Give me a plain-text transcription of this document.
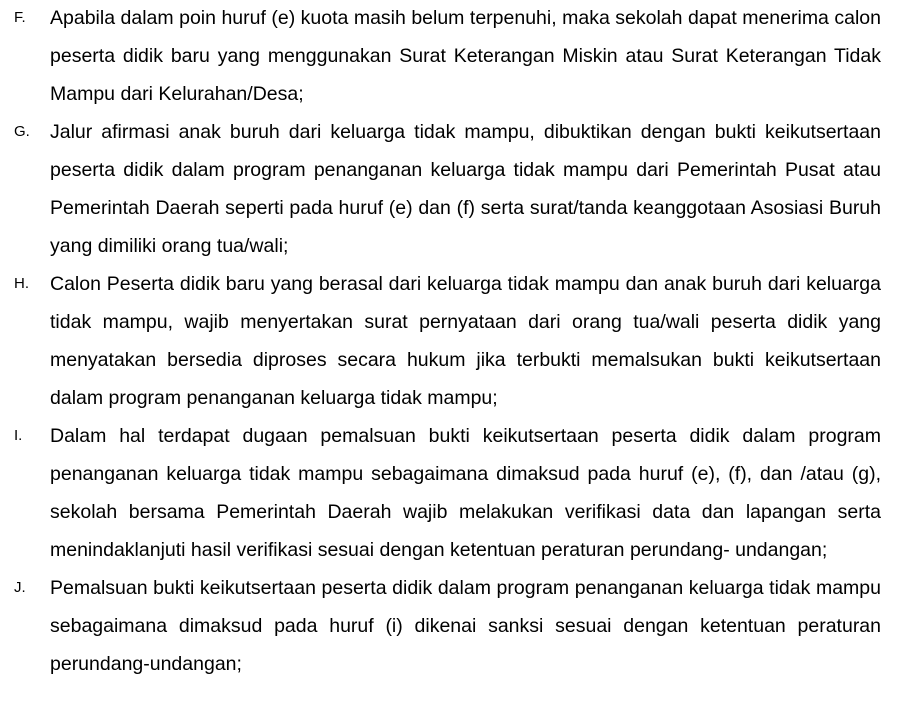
F.	Apabila dalam poin huruf (e) kuota masih belum terpenuhi, maka sekolah dapat menerima calon peserta didik baru yang menggunakan Surat Keterangan Miskin atau Surat Keterangan Tidak Mampu dari Kelurahan/Desa;
G.	Jalur afirmasi anak buruh dari keluarga tidak mampu, dibuktikan dengan bukti keikutsertaan peserta didik dalam program penanganan keluarga tidak mampu dari Pemerintah Pusat atau Pemerintah Daerah seperti pada huruf (e) dan (f) serta surat/tanda keanggotaan Asosiasi Buruh yang dimiliki orang tua/wali;
H.	Calon Peserta didik baru yang berasal dari keluarga tidak mampu dan anak buruh dari keluarga tidak mampu, wajib menyertakan surat pernyataan dari orang tua/wali peserta didik yang menyatakan bersedia diproses secara hukum jika terbukti memalsukan bukti keikutsertaan dalam program penanganan keluarga tidak mampu;
I.	Dalam hal terdapat dugaan pemalsuan bukti keikutsertaan peserta didik dalam program penanganan keluarga tidak mampu sebagaimana dimaksud pada huruf (e), (f), dan /atau (g), sekolah bersama Pemerintah Daerah wajib melakukan verifikasi data dan lapangan serta menindaklanjuti hasil verifikasi sesuai dengan ketentuan peraturan perundang- undangan;
J.	Pemalsuan bukti keikutsertaan peserta didik dalam program penanganan keluarga tidak mampu sebagaimana dimaksud pada huruf (i) dikenai sanksi sesuai dengan ketentuan peraturan perundang-undangan;
